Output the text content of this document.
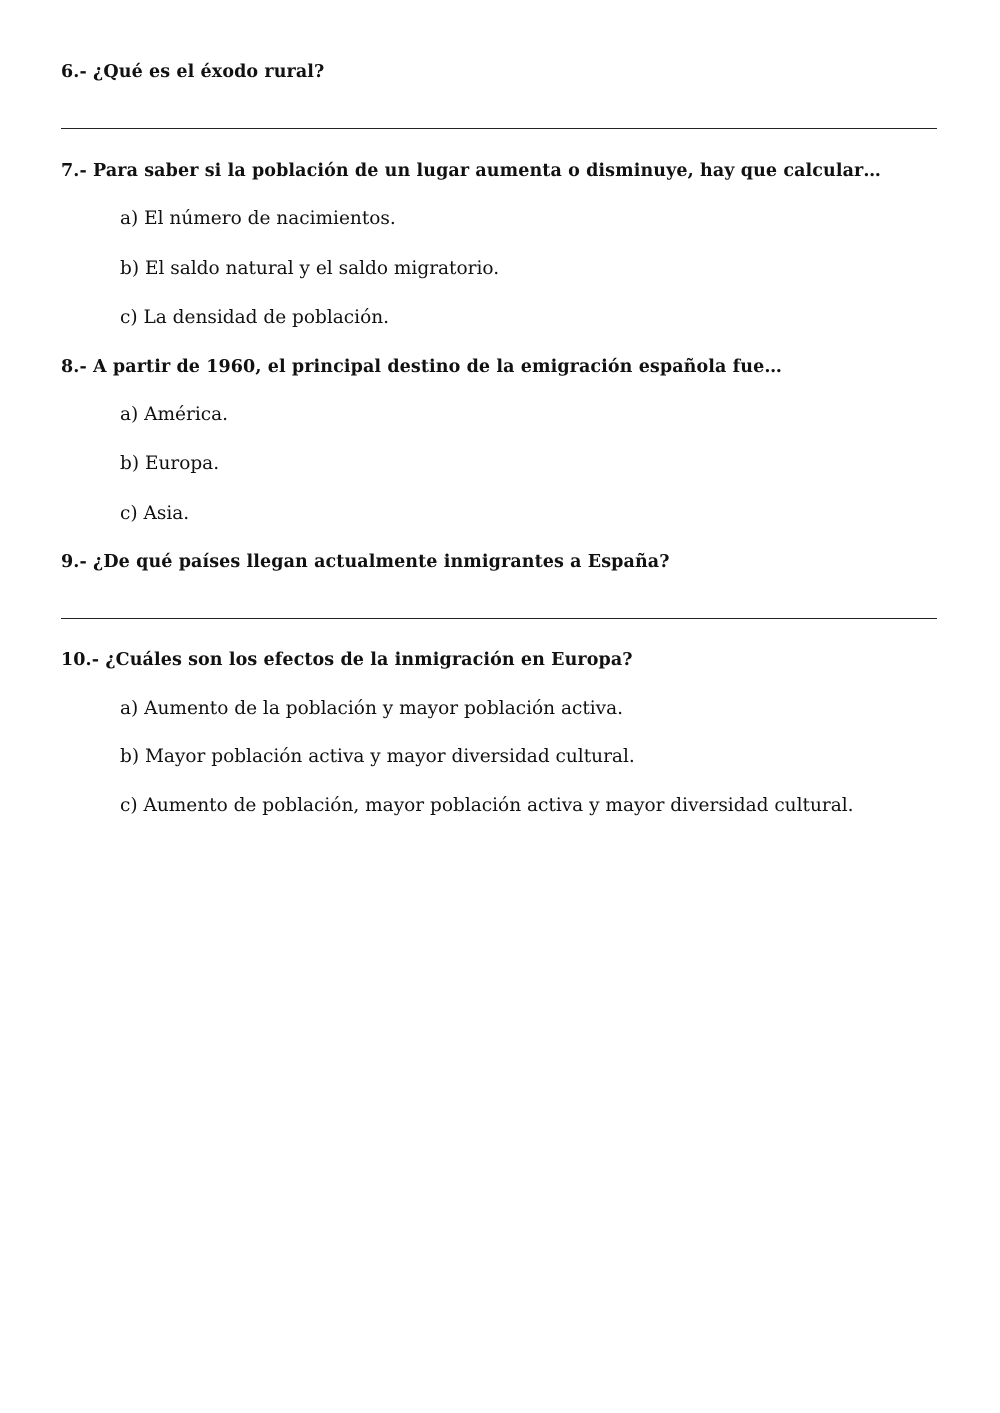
6.- ¿Qué es el éxodo rural?
7.- Para saber si la población de un lugar aumenta o disminuye, hay que calcular…
a) El número de nacimientos.
b) El saldo natural y el saldo migratorio.
c) La densidad de población.
8.- A partir de 1960, el principal destino de la emigración española fue…
a) América.
b) Europa.
c) Asia.
9.- ¿De qué países llegan actualmente inmigrantes a España?
10.- ¿Cuáles son los efectos de la inmigración en Europa?
a) Aumento de la población y mayor población activa.
b) Mayor población activa y mayor diversidad cultural.
c) Aumento de población, mayor población activa y mayor diversidad cultural.
